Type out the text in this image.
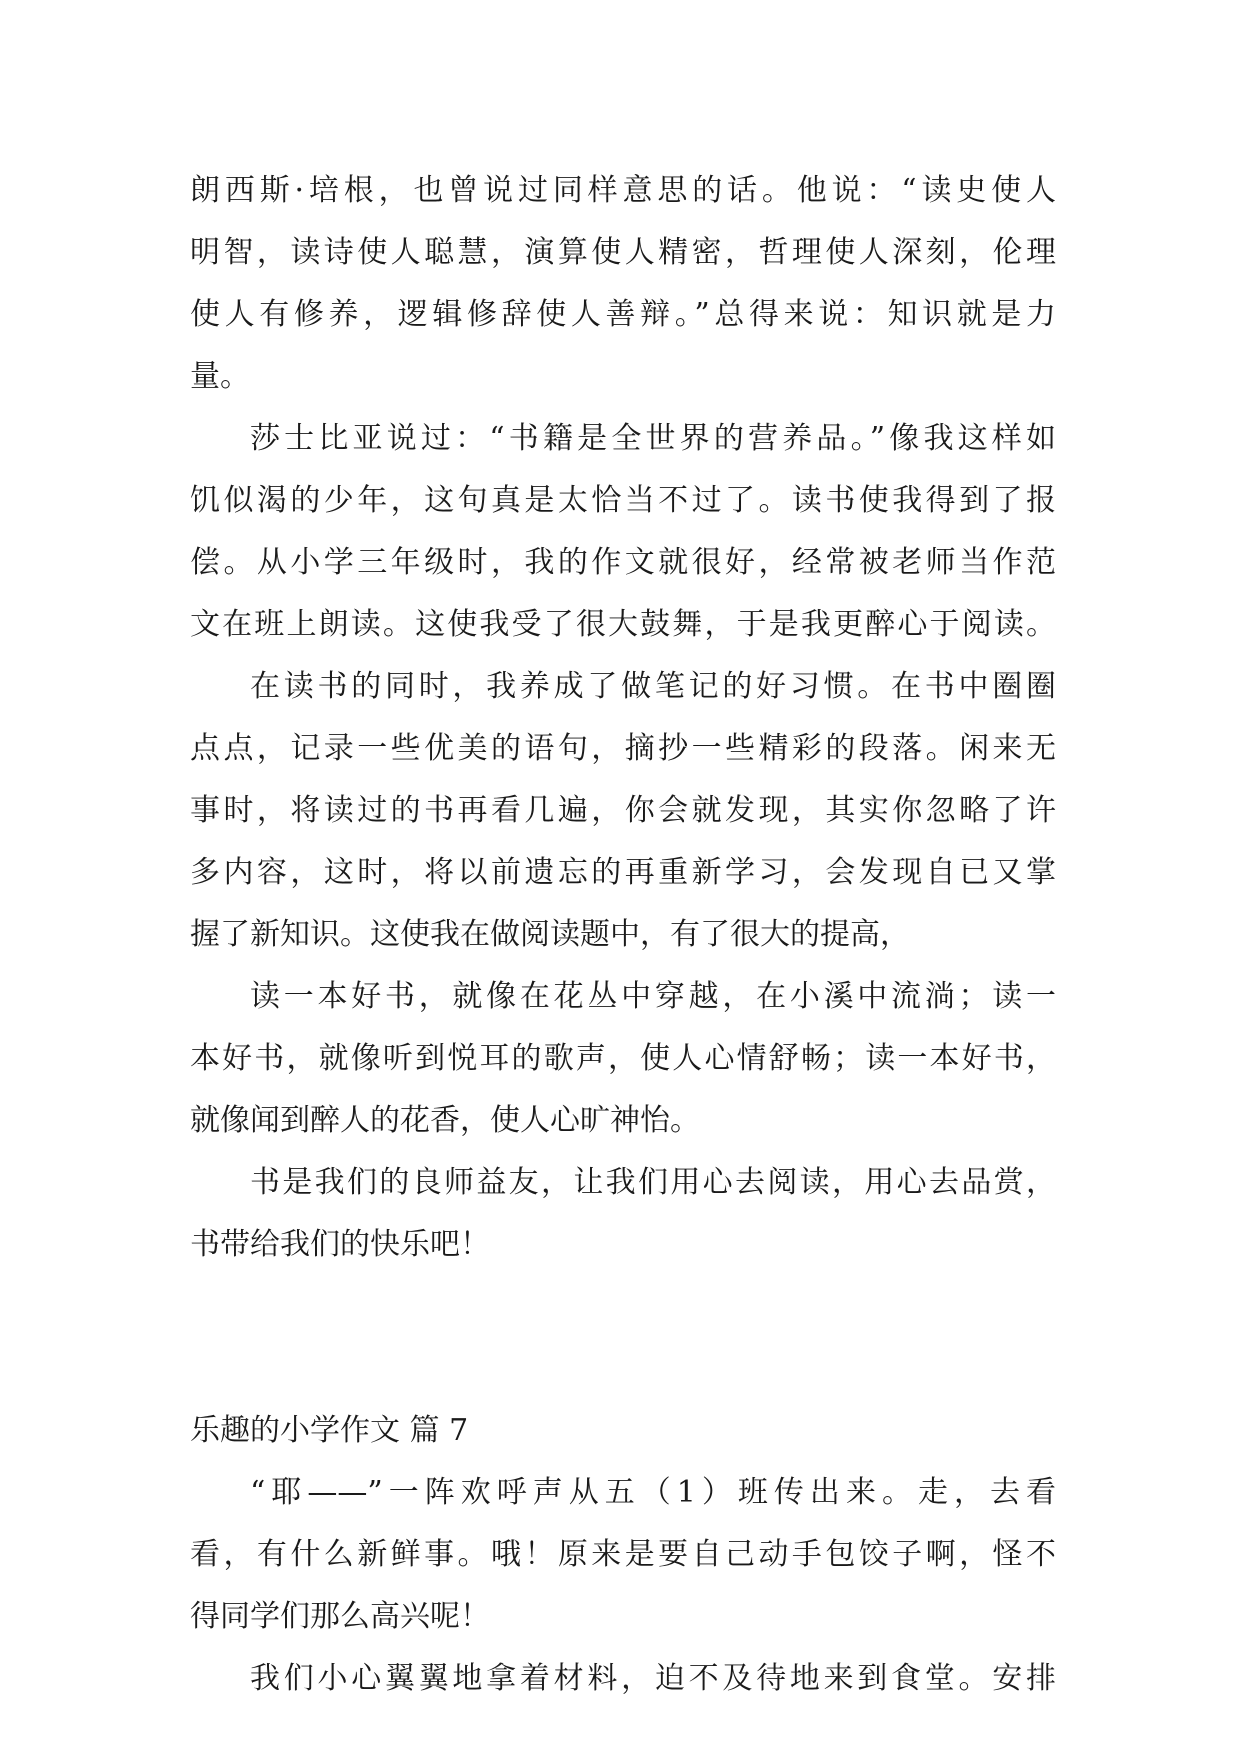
朗西斯·培根，也曾说过同样意思的话。他说：“读史使人
明智，读诗使人聪慧，演算使人精密，哲理使人深刻，伦理
使人有修养，逻辑修辞使人善辩。”总得来说：知识就是力
量。
莎士比亚说过：“书籍是全世界的营养品。”像我这样如
饥似渴的少年，这句真是太恰当不过了。读书使我得到了报
偿。从小学三年级时，我的作文就很好，经常被老师当作范
文在班上朗读。这使我受了很大鼓舞，于是我更醉心于阅读。
在读书的同时，我养成了做笔记的好习惯。在书中圈圈
点点，记录一些优美的语句，摘抄一些精彩的段落。闲来无
事时，将读过的书再看几遍，你会就发现，其实你忽略了许
多内容，这时，将以前遗忘的再重新学习，会发现自已又掌
握了新知识。这使我在做阅读题中，有了很大的提高，
读一本好书，就像在花丛中穿越，在小溪中流淌；读一
本好书，就像听到悦耳的歌声，使人心情舒畅；读一本好书，
就像闻到醉人的花香，使人心旷神怡。
书是我们的良师益友，让我们用心去阅读，用心去品赏，
书带给我们的快乐吧！
乐趣的小学作文 篇 7
“耶——”一阵欢呼声从五（1）班传出来。走，去看
看，有什么新鲜事。哦！原来是要自己动手包饺子啊，怪不
得同学们那么高兴呢！
我们小心翼翼地拿着材料，迫不及待地来到食堂。安排
